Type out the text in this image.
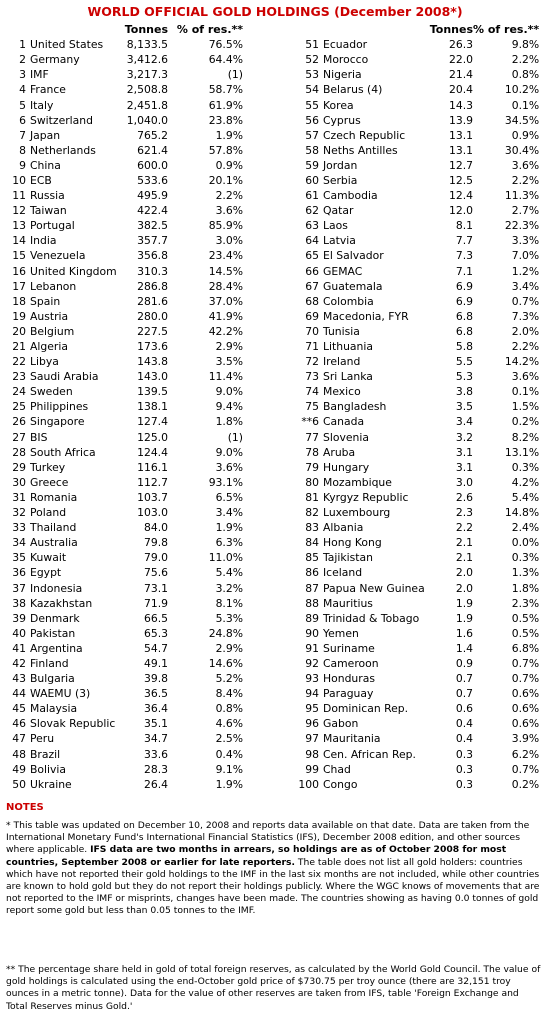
WORLD OFFICIAL GOLD HOLDINGS (December 2008*)
		Tonnes	% of res.**			Tonnes	% of res.**
1	United States	8,133.5	76.5%	51	Ecuador	26.3	9.8%
2	Germany	3,412.6	64.4%	52	Morocco	22.0	2.2%
3	IMF	3,217.3	(1)	53	Nigeria	21.4	0.8%
4	France	2,508.8	58.7%	54	Belarus (4)	20.4	10.2%
5	Italy	2,451.8	61.9%	55	Korea	14.3	0.1%
6	Switzerland	1,040.0	23.8%	56	Cyprus	13.9	34.5%
7	Japan	765.2	1.9%	57	Czech Republic	13.1	0.9%
8	Netherlands	621.4	57.8%	58	Neths Antilles	13.1	30.4%
9	China	600.0	0.9%	59	Jordan	12.7	3.6%
10	ECB	533.6	20.1%	60	Serbia	12.5	2.2%
11	Russia	495.9	2.2%	61	Cambodia	12.4	11.3%
12	Taiwan	422.4	3.6%	62	Qatar	12.0	2.7%
13	Portugal	382.5	85.9%	63	Laos	8.1	22.3%
14	India	357.7	3.0%	64	Latvia	7.7	3.3%
15	Venezuela	356.8	23.4%	65	El Salvador	7.3	7.0%
16	United Kingdom	310.3	14.5%	66	GEMAC	7.1	1.2%
17	Lebanon	286.8	28.4%	67	Guatemala	6.9	3.4%
18	Spain	281.6	37.0%	68	Colombia	6.9	0.7%
19	Austria	280.0	41.9%	69	Macedonia, FYR	6.8	7.3%
20	Belgium	227.5	42.2%	70	Tunisia	6.8	2.0%
21	Algeria	173.6	2.9%	71	Lithuania	5.8	2.2%
22	Libya	143.8	3.5%	72	Ireland	5.5	14.2%
23	Saudi Arabia	143.0	11.4%	73	Sri Lanka	5.3	3.6%
24	Sweden	139.5	9.0%	74	Mexico	3.8	0.1%
25	Philippines	138.1	9.4%	75	Bangladesh	3.5	1.5%
26	Singapore	127.4	1.8%	**6	Canada	3.4	0.2%
27	BIS	125.0	(1)	77	Slovenia	3.2	8.2%
28	South Africa	124.4	9.0%	78	Aruba	3.1	13.1%
29	Turkey	116.1	3.6%	79	Hungary	3.1	0.3%
30	Greece	112.7	93.1%	80	Mozambique	3.0	4.2%
31	Romania	103.7	6.5%	81	Kyrgyz Republic	2.6	5.4%
32	Poland	103.0	3.4%	82	Luxembourg	2.3	14.8%
33	Thailand	84.0	1.9%	83	Albania	2.2	2.4%
34	Australia	79.8	6.3%	84	Hong Kong	2.1	0.0%
35	Kuwait	79.0	11.0%	85	Tajikistan	2.1	0.3%
36	Egypt	75.6	5.4%	86	Iceland	2.0	1.3%
37	Indonesia	73.1	3.2%	87	Papua New Guinea	2.0	1.8%
38	Kazakhstan	71.9	8.1%	88	Mauritius	1.9	2.3%
39	Denmark	66.5	5.3%	89	Trinidad & Tobago	1.9	0.5%
40	Pakistan	65.3	24.8%	90	Yemen	1.6	0.5%
41	Argentina	54.7	2.9%	91	Suriname	1.4	6.8%
42	Finland	49.1	14.6%	92	Cameroon	0.9	0.7%
43	Bulgaria	39.8	5.2%	93	Honduras	0.7	0.7%
44	WAEMU (3)	36.5	8.4%	94	Paraguay	0.7	0.6%
45	Malaysia	36.4	0.8%	95	Dominican Rep.	0.6	0.6%
46	Slovak Republic	35.1	4.6%	96	Gabon	0.4	0.6%
47	Peru	34.7	2.5%	97	Mauritania	0.4	3.9%
48	Brazil	33.6	0.4%	98	Cen. African Rep.	0.3	6.2%
49	Bolivia	28.3	9.1%	99	Chad	0.3	0.7%
50	Ukraine	26.4	1.9%	100	Congo	0.3	0.2%
NOTES
* This table was updated on December 10, 2008 and reports data available on that date. Data are taken from the International Monetary Fund's International Financial Statistics (IFS), December 2008 edition, and other sources where applicable. IFS data are two months in arrears, so holdings are as of October 2008 for most countries, September 2008 or earlier for late reporters. The table does not list all gold holders: countries which have not reported their gold holdings to the IMF in the last six months are not included, while other countries are known to hold gold but they do not report their holdings publicly. Where the WGC knows of movements that are not reported to the IMF or misprints, changes have been made. The countries showing as having 0.0 tonnes of gold report some gold but less than 0.05 tonnes to the IMF.
** The percentage share held in gold of total foreign reserves, as calculated by the World Gold Council. The value of gold holdings is calculated using the end-October gold price of $730.75 per troy ounce (there are 32,151 troy ounces in a metric tonne). Data for the value of other reserves are taken from IFS, table 'Foreign Exchange and Total Reserves minus Gold.'
